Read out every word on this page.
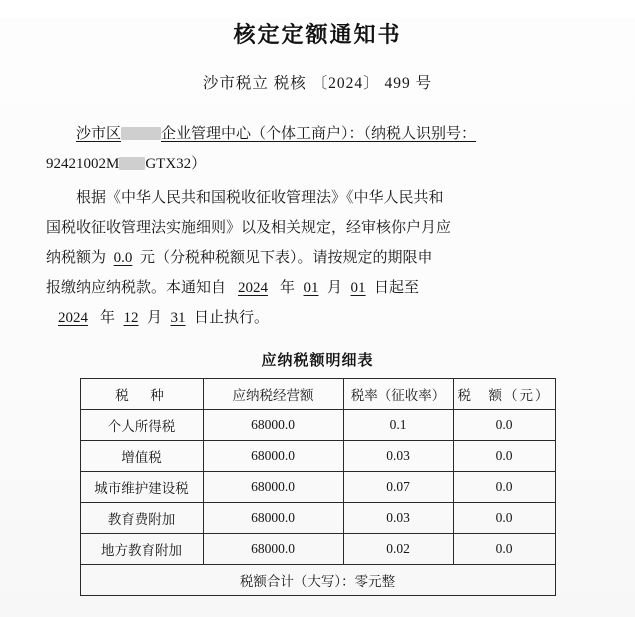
核定定额通知书
沙市税立 税核 〔2024〕 499 号
沙市区	企业管理中心（个体工商户）：（纳税人识别号：
92421002M GTX32）
根据《中华人民共和国税收征收管理法》《中华人民共和
国税收征收管理法实施细则》以及相关规定，经审核你户月应
纳税额为 0.0 元（分税种税额见下表）。请按规定的期限申
报缴纳应纳税款。本通知自 2024 年 01 月 01 日起至
2024 年 12 月 31 日止执行。
应纳税额明细表
税　种	应纳税经营额	税率（征收率）	税　额（元）
个人所得税	68000.0	0.1	0.0
增值税	68000.0	0.03	0.0
城市维护建设税	68000.0	0.07	0.0
教育费附加	68000.0	0.03	0.0
地方教育附加	68000.0	0.02	0.0
税额合计（大写）：零元整			
